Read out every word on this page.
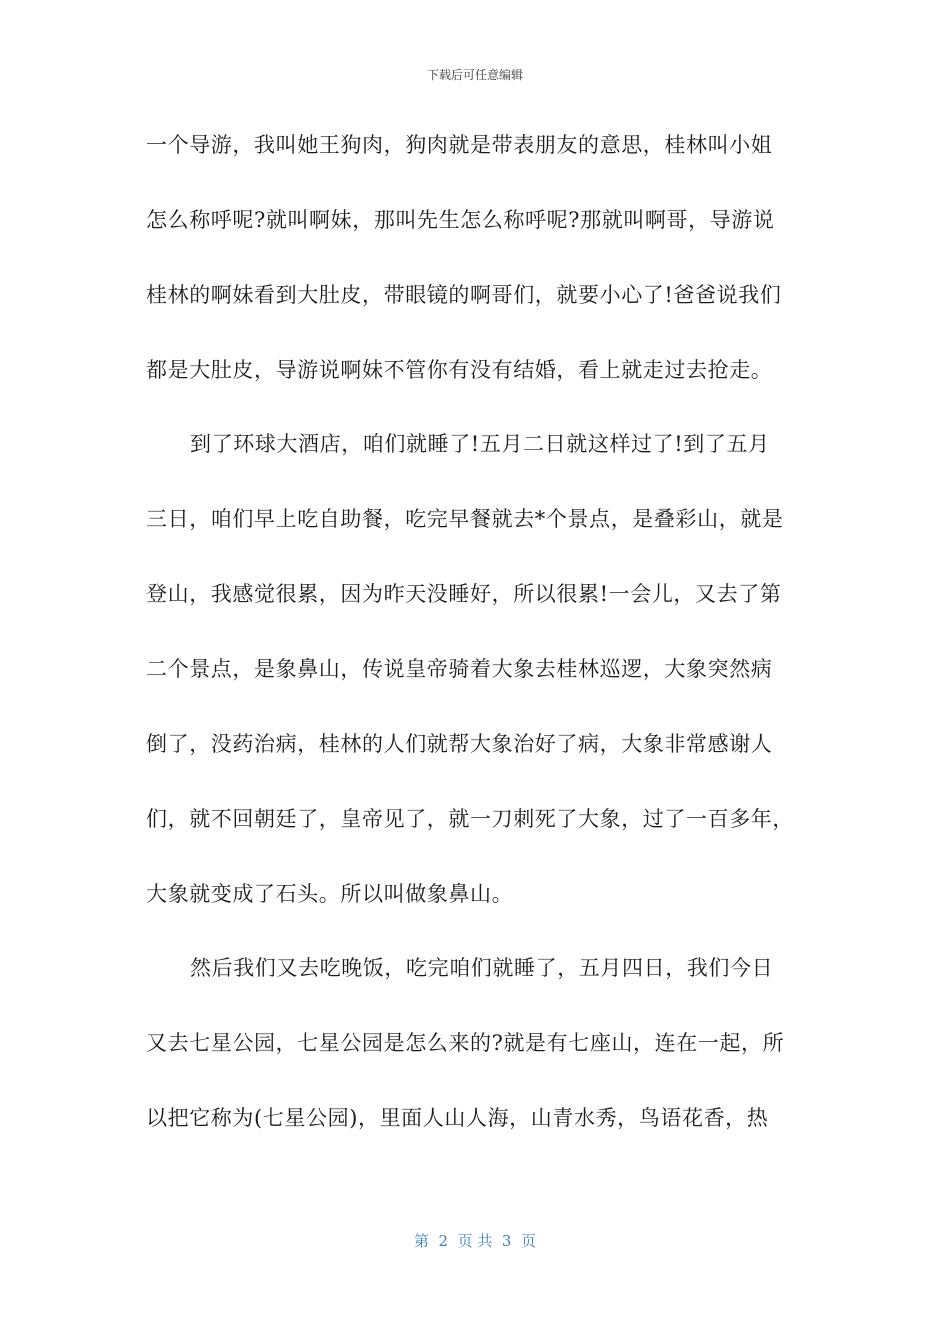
下载后可任意编辑
一个导游，我叫她王狗肉，狗肉就是带表朋友的意思，桂林叫小姐
怎么称呼呢?就叫啊妹，那叫先生怎么称呼呢?那就叫啊哥，导游说
桂林的啊妹看到大肚皮，带眼镜的啊哥们，就要小心了!爸爸说我们
都是大肚皮，导游说啊妹不管你有没有结婚，看上就走过去抢走。
到了环球大酒店，咱们就睡了!五月二日就这样过了!到了五月
三日，咱们早上吃自助餐，吃完早餐就去*个景点，是叠彩山，就是
登山，我感觉很累，因为昨天没睡好，所以很累!一会儿，又去了第
二个景点，是象鼻山，传说皇帝骑着大象去桂林巡逻，大象突然病
倒了，没药治病，桂林的人们就帮大象治好了病，大象非常感谢人
们，就不回朝廷了，皇帝见了，就一刀刺死了大象，过了一百多年，
大象就变成了石头。所以叫做象鼻山。
然后我们又去吃晚饭，吃完咱们就睡了，五月四日，我们今日
又去七星公园，七星公园是怎么来的?就是有七座山，连在一起，所
以把它称为(七星公园)，里面人山人海，山青水秀，鸟语花香，热
第  2  页 共  3  页
